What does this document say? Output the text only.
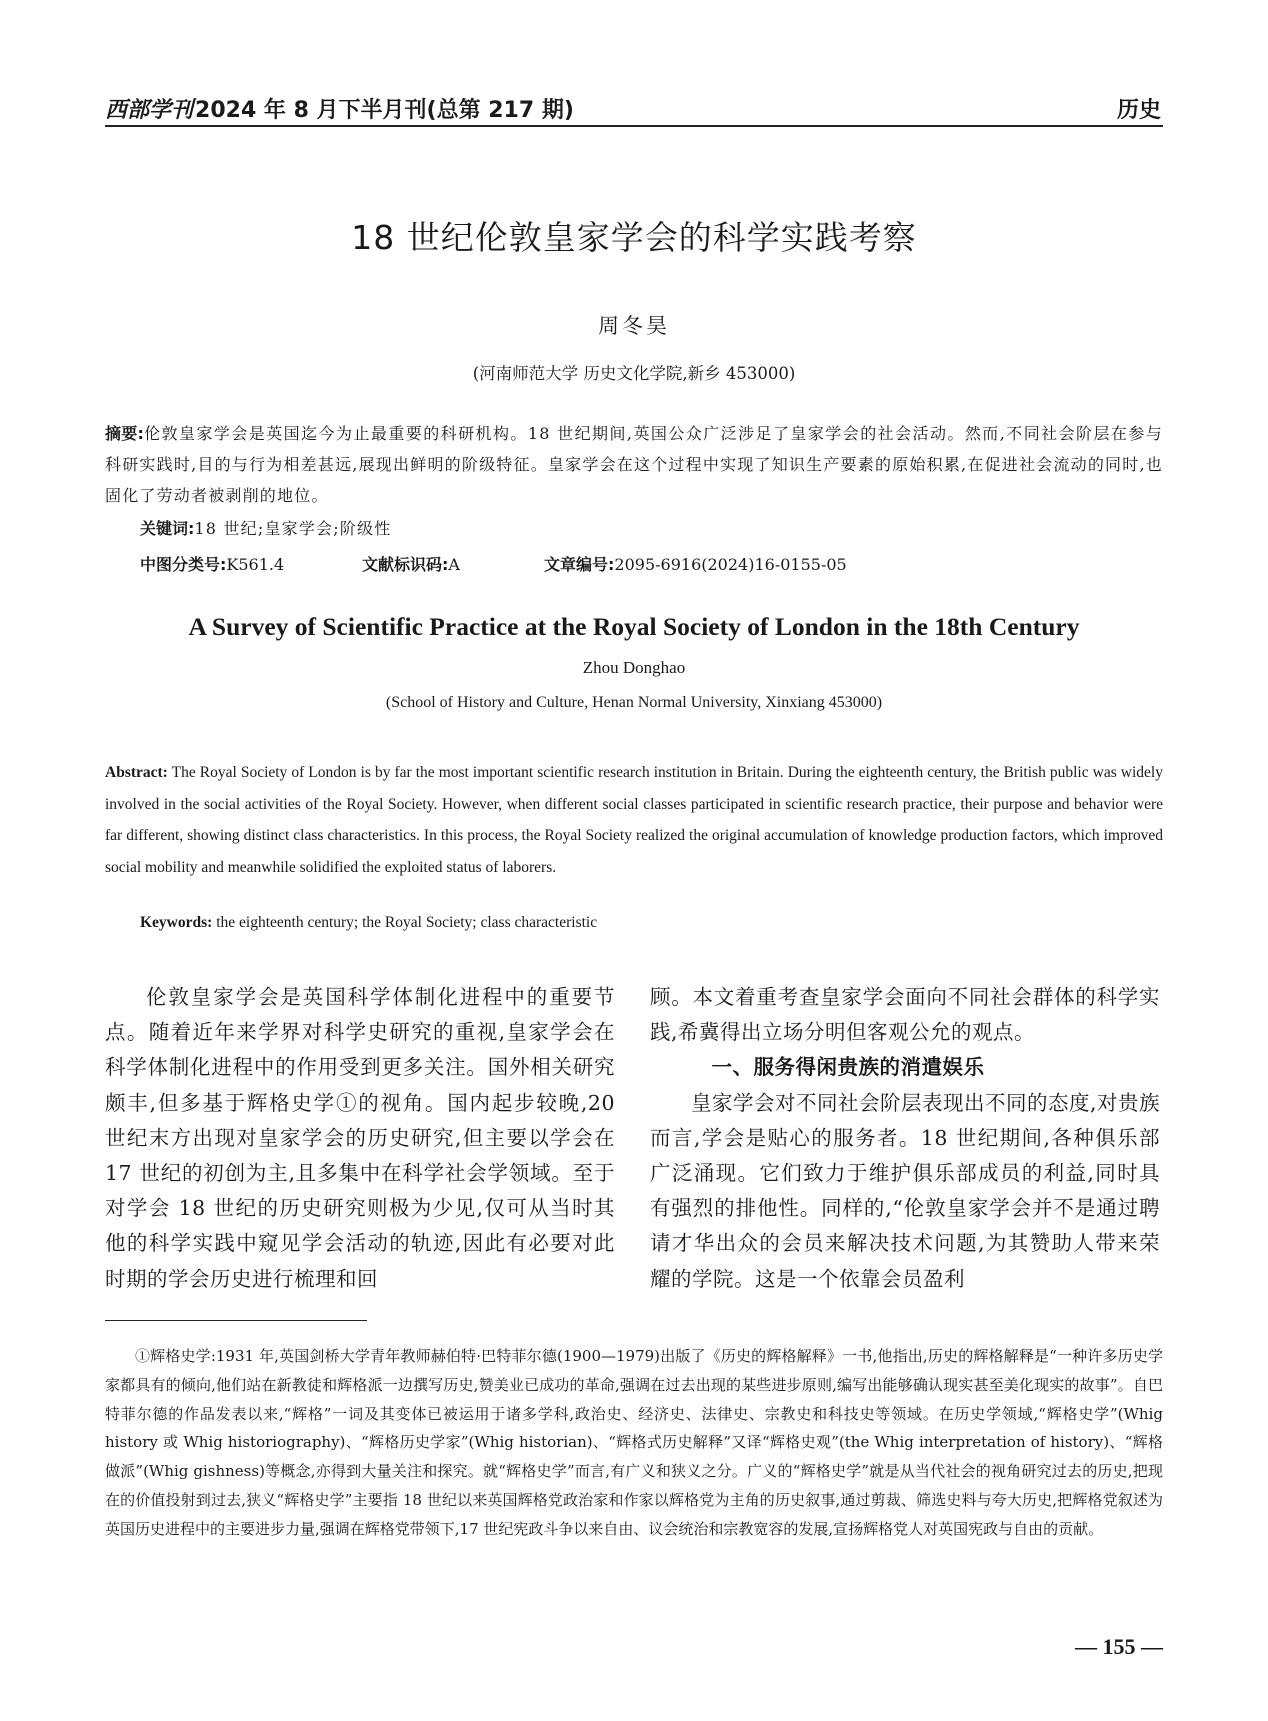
西部学刊2024 年 8 月下半月刊(总第 217 期)	历史
18 世纪伦敦皇家学会的科学实践考察
周冬昊
(河南师范大学 历史文化学院,新乡 453000)
摘要:伦敦皇家学会是英国迄今为止最重要的科研机构。18 世纪期间,英国公众广泛涉足了皇家学会的社会活动。然而,不同社会阶层在参与科研实践时,目的与行为相差甚远,展现出鲜明的阶级特征。皇家学会在这个过程中实现了知识生产要素的原始积累,在促进社会流动的同时,也固化了劳动者被剥削的地位。
关键词:18 世纪;皇家学会;阶级性
中图分类号:K561.4	文献标识码:A	文章编号:2095-6916(2024)16-0155-05
A Survey of Scientific Practice at the Royal Society of London in the 18th Century
Zhou Donghao
(School of History and Culture, Henan Normal University, Xinxiang 453000)
Abstract: The Royal Society of London is by far the most important scientific research institution in Britain. During the eighteenth century, the British public was widely involved in the social activities of the Royal Society. However, when different social classes participated in scientific research practice, their purpose and behavior were far different, showing distinct class characteristics. In this process, the Royal Society realized the original accumulation of knowledge production factors, which improved social mobility and meanwhile solidified the exploited status of laborers.
Keywords: the eighteenth century; the Royal Society; class characteristic

伦敦皇家学会是英国科学体制化进程中的重要节点。随着近年来学界对科学史研究的重视,皇家学会在科学体制化进程中的作用受到更多关注。国外相关研究颇丰,但多基于辉格史学①的视角。国内起步较晚,20 世纪末方出现对皇家学会的历史研究,但主要以学会在 17 世纪的初创为主,且多集中在科学社会学领域。至于对学会 18 世纪的历史研究则极为少见,仅可从当时其他的科学实践中窥见学会活动的轨迹,因此有必要对此时期的学会历史进行梳理和回

顾。本文着重考查皇家学会面向不同社会群体的科学实践,希冀得出立场分明但客观公允的观点。

一、服务得闲贵族的消遣娱乐

皇家学会对不同社会阶层表现出不同的态度,对贵族而言,学会是贴心的服务者。18 世纪期间,各种俱乐部广泛涌现。它们致力于维护俱乐部成员的利益,同时具有强烈的排他性。同样的,“伦敦皇家学会并不是通过聘请才华出众的会员来解决技术问题,为其赞助人带来荣耀的学院。这是一个依靠会员盈利

①辉格史学:1931 年,英国剑桥大学青年教师赫伯特·巴特菲尔德(1900—1979)出版了《历史的辉格解释》一书,他指出,历史的辉格解释是“一种许多历史学家都具有的倾向,他们站在新教徒和辉格派一边撰写历史,赞美业已成功的革命,强调在过去出现的某些进步原则,编写出能够确认现实甚至美化现实的故事”。自巴特菲尔德的作品发表以来,“辉格”一词及其变体已被运用于诸多学科,政治史、经济史、法律史、宗教史和科技史等领域。在历史学领域,“辉格史学”(Whig history 或 Whig historiography)、“辉格历史学家”(Whig historian)、“辉格式历史解释”又译“辉格史观”(the Whig interpretation of history)、“辉格做派”(Whig gishness)等概念,亦得到大量关注和探究。就“辉格史学”而言,有广义和狭义之分。广义的“辉格史学”就是从当代社会的视角研究过去的历史,把现在的价值投射到过去,狭义“辉格史学”主要指 18 世纪以来英国辉格党政治家和作家以辉格党为主角的历史叙事,通过剪裁、筛选史料与夸大历史,把辉格党叙述为英国历史进程中的主要进步力量,强调在辉格党带领下,17 世纪宪政斗争以来自由、议会统治和宗教宽容的发展,宣扬辉格党人对英国宪政与自由的贡献。

— 155 —
